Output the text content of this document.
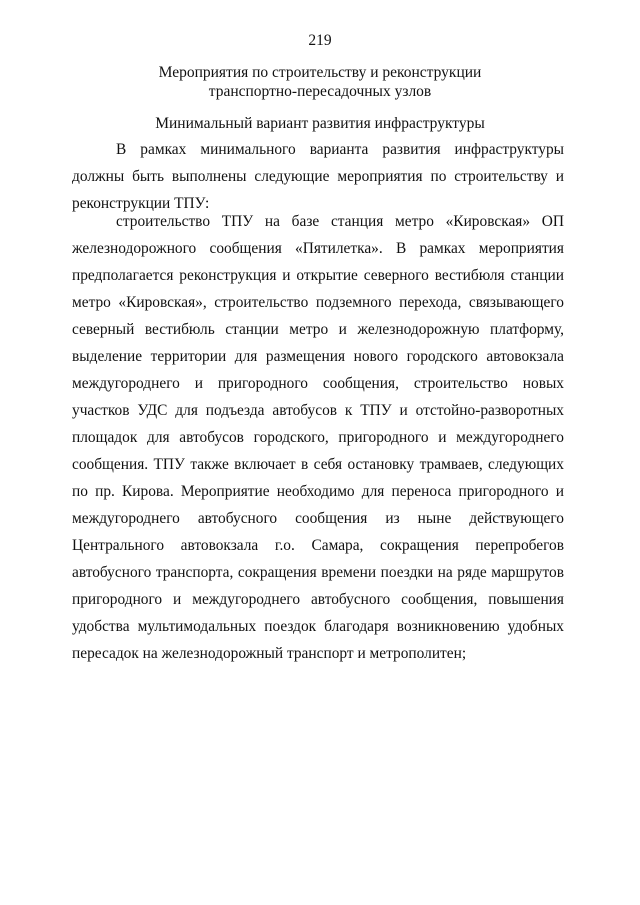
219
Мероприятия по строительству и реконструкции
транспортно-пересадочных узлов
Минимальный вариант развития инфраструктуры

В рамках минимального варианта развития инфраструктуры должны быть выполнены следующие мероприятия по строительству и реконструкции ТПУ:

строительство ТПУ на базе станция метро «Кировская» ОП железнодорожного сообщения «Пятилетка». В рамках мероприятия предполагается реконструкция и открытие северного вестибюля станции метро «Кировская», строительство подземного перехода, связывающего северный вестибюль станции метро и железнодорожную платформу, выделение территории для размещения нового городского автовокзала междугороднего и пригородного сообщения, строительство новых участков УДС для подъезда автобусов к ТПУ и отстойно-разворотных площадок для автобусов городского, пригородного и междугороднего сообщения. ТПУ также включает в себя остановку трамваев, следующих по пр. Кирова. Мероприятие необходимо для переноса пригородного и междугороднего автобусного сообщения из ныне действующего Центрального автовокзала г.о. Самара, сокращения перепробегов автобусного транспорта, сокращения времени поездки на ряде маршрутов пригородного и междугороднего автобусного сообщения, повышения удобства мультимодальных поездок благодаря возникновению удобных пересадок на железнодорожный транспорт и метрополитен;
